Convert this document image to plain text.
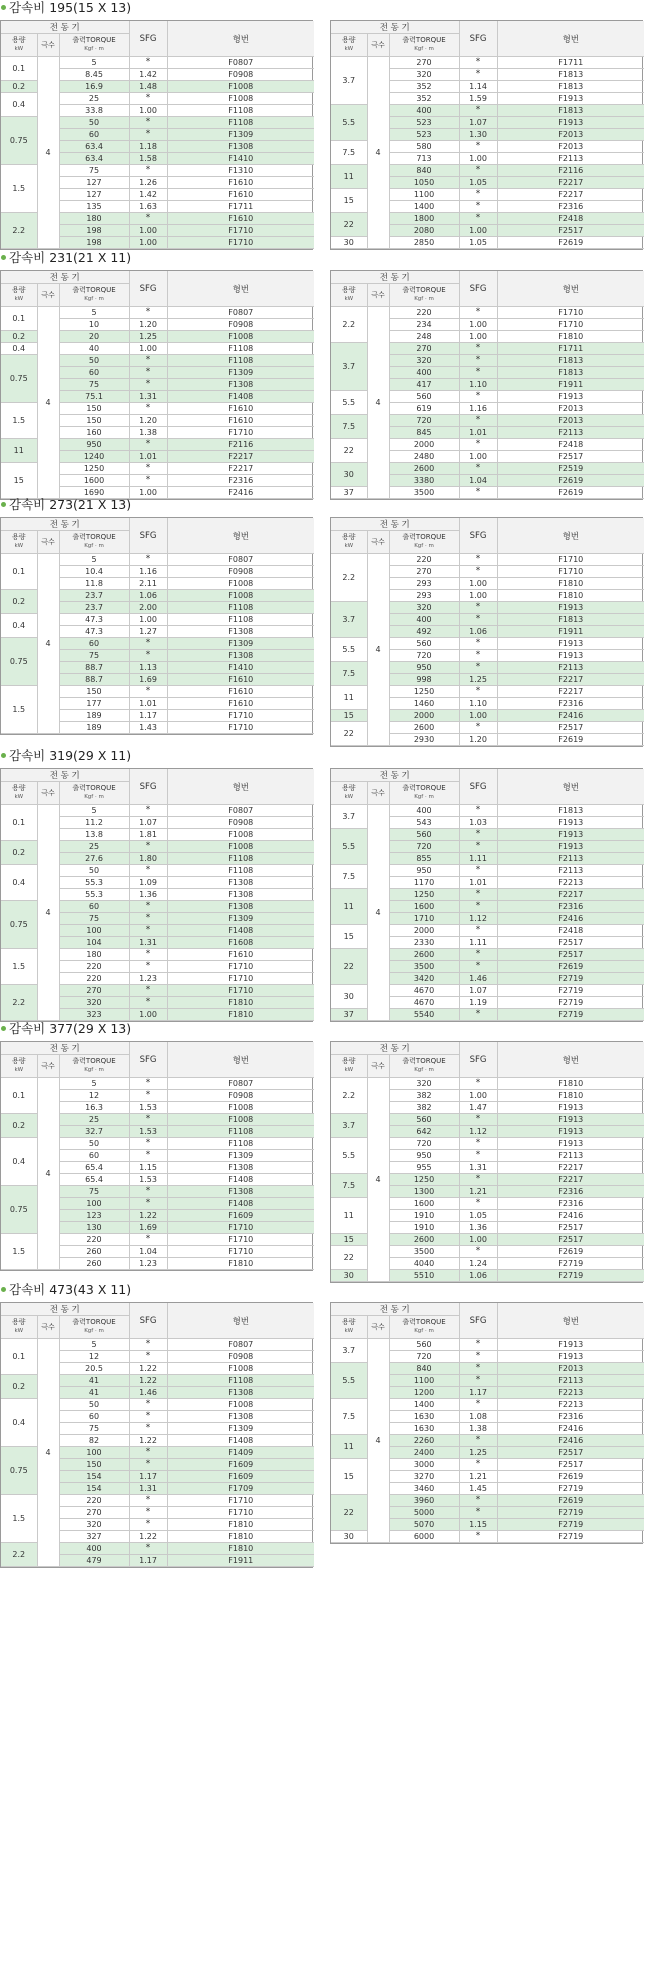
감속비 195(15 X 13)
전 동 기			SFG	형번
용량
kW	극수	출력TORQUE
Kgf · m		

0.1	4	5	*	F0807
		8.45	1.42	F0908
0.2		16.9	1.48	F1008
0.4		25	*	F1008
		33.8	1.00	F1108
0.75		50	*	F1108
		60	*	F1309
		63.4	1.18	F1308
		63.4	1.58	F1410
1.5		75	*	F1310
		127	1.26	F1610
		127	1.42	F1610
		135	1.63	F1711
2.2		180	*	F1610
		198	1.00	F1710
		198	1.00	F1710
전 동 기			SFG	형번
용량
kW	극수	출력TORQUE
Kgf · m		

3.7	4	270	*	F1711
		320	*	F1813
		352	1.14	F1813
		352	1.59	F1913
5.5		400	*	F1813
		523	1.07	F1913
		523	1.30	F2013
7.5		580	*	F2013
		713	1.00	F2113
11		840	*	F2116
		1050	1.05	F2217
15		1100	*	F2217
		1400	*	F2316
22		1800	*	F2418
		2080	1.00	F2517
30		2850	1.05	F2619
감속비 231(21 X 11)
전 동 기			SFG	형번
용량
kW	극수	출력TORQUE
Kgf · m		

0.1	4	5	*	F0807
		10	1.20	F0908
0.2		20	1.25	F1008
0.4		40	1.00	F1108
0.75		50	*	F1108
		60	*	F1309
		75	*	F1308
		75.1	1.31	F1408
1.5		150	*	F1610
		150	1.20	F1610
		160	1.38	F1710
11		950	*	F2116
		1240	1.01	F2217
15		1250	*	F2217
		1600	*	F2316
		1690	1.00	F2416
전 동 기			SFG	형번
용량
kW	극수	출력TORQUE
Kgf · m		

2.2	4	220	*	F1710
		234	1.00	F1710
		248	1.00	F1810
3.7		270	*	F1711
		320	*	F1813
		400	*	F1813
		417	1.10	F1911
5.5		560	*	F1913
		619	1.16	F2013
7.5		720	*	F2013
		845	1.01	F2113
22		2000	*	F2418
		2480	1.00	F2517
30		2600	*	F2519
		3380	1.04	F2619
37		3500	*	F2619
감속비 273(21 X 13)
전 동 기			SFG	형번
용량
kW	극수	출력TORQUE
Kgf · m		

0.1	4	5	*	F0807
		10.4	1.16	F0908
		11.8	2.11	F1008
0.2		23.7	1.06	F1008
		23.7	2.00	F1108
0.4		47.3	1.00	F1108
		47.3	1.27	F1308
0.75		60	*	F1309
		75	*	F1308
		88.7	1.13	F1410
		88.7	1.69	F1610
1.5		150	*	F1610
		177	1.01	F1610
		189	1.17	F1710
		189	1.43	F1710
전 동 기			SFG	형번
용량
kW	극수	출력TORQUE
Kgf · m		

2.2	4	220	*	F1710
		270	*	F1710
		293	1.00	F1810
		293	1.00	F1810
3.7		320	*	F1913
		400	*	F1813
		492	1.06	F1911
5.5		560	*	F1913
		720	*	F1913
7.5		950	*	F2113
		998	1.25	F2217
11		1250	*	F2217
		1460	1.10	F2316
15		2000	1.00	F2416
22		2600	*	F2517
		2930	1.20	F2619
감속비 319(29 X 11)
전 동 기			SFG	형번
용량
kW	극수	출력TORQUE
Kgf · m		

0.1	4	5	*	F0807
		11.2	1.07	F0908
		13.8	1.81	F1008
0.2		25	*	F1008
		27.6	1.80	F1108
0.4		50	*	F1108
		55.3	1.09	F1308
		55.3	1.36	F1308
0.75		60	*	F1308
		75	*	F1309
		100	*	F1408
		104	1.31	F1608
1.5		180	*	F1610
		220	*	F1710
		220	1.23	F1710
2.2		270	*	F1710
		320	*	F1810
		323	1.00	F1810
전 동 기			SFG	형번
용량
kW	극수	출력TORQUE
Kgf · m		

3.7	4	400	*	F1813
		543	1.03	F1913
5.5		560	*	F1913
		720	*	F1913
		855	1.11	F2113
7.5		950	*	F2113
		1170	1.01	F2213
11		1250	*	F2217
		1600	*	F2316
		1710	1.12	F2416
15		2000	*	F2418
		2330	1.11	F2517
22		2600	*	F2517
		3500	*	F2619
		3420	1.46	F2719
30		4670	1.07	F2719
		4670	1.19	F2719
37		5540	*	F2719
감속비 377(29 X 13)
전 동 기			SFG	형번
용량
kW	극수	출력TORQUE
Kgf · m		

0.1	4	5	*	F0807
		12	*	F0908
		16.3	1.53	F1008
0.2		25	*	F1008
		32.7	1.53	F1108
0.4		50	*	F1108
		60	*	F1309
		65.4	1.15	F1308
		65.4	1.53	F1408
0.75		75	*	F1308
		100	*	F1408
		123	1.22	F1609
		130	1.69	F1710
1.5		220	*	F1710
		260	1.04	F1710
		260	1.23	F1810
전 동 기			SFG	형번
용량
kW	극수	출력TORQUE
Kgf · m		

2.2	4	320	*	F1810
		382	1.00	F1810
		382	1.47	F1913
3.7		560	*	F1913
		642	1.12	F1913
5.5		720	*	F1913
		950	*	F2113
		955	1.31	F2217
7.5		1250	*	F2217
		1300	1.21	F2316
11		1600	*	F2316
		1910	1.05	F2416
		1910	1.36	F2517
15		2600	1.00	F2517
22		3500	*	F2619
		4040	1.24	F2719
30		5510	1.06	F2719
감속비 473(43 X 11)
전 동 기			SFG	형번
용량
kW	극수	출력TORQUE
Kgf · m		

0.1	4	5	*	F0807
		12	*	F0908
		20.5	1.22	F1008
0.2		41	1.22	F1108
		41	1.46	F1308
0.4		50	*	F1008
		60	*	F1308
		75	*	F1309
		82	1.22	F1408
0.75		100	*	F1409
		150	*	F1609
		154	1.17	F1609
		154	1.31	F1709
1.5		220	*	F1710
		270	*	F1710
		320	*	F1810
		327	1.22	F1810
2.2		400	*	F1810
		479	1.17	F1911
전 동 기			SFG	형번
용량
kW	극수	출력TORQUE
Kgf · m		

3.7	4	560	*	F1913
		720	*	F1913
5.5		840	*	F2013
		1100	*	F2113
		1200	1.17	F2213
7.5		1400	*	F2213
		1630	1.08	F2316
		1630	1.38	F2416
11		2260	*	F2416
		2400	1.25	F2517
15		3000	*	F2517
		3270	1.21	F2619
		3460	1.45	F2719
22		3960	*	F2619
		5000	*	F2719
		5070	1.15	F2719
30		6000	*	F2719
